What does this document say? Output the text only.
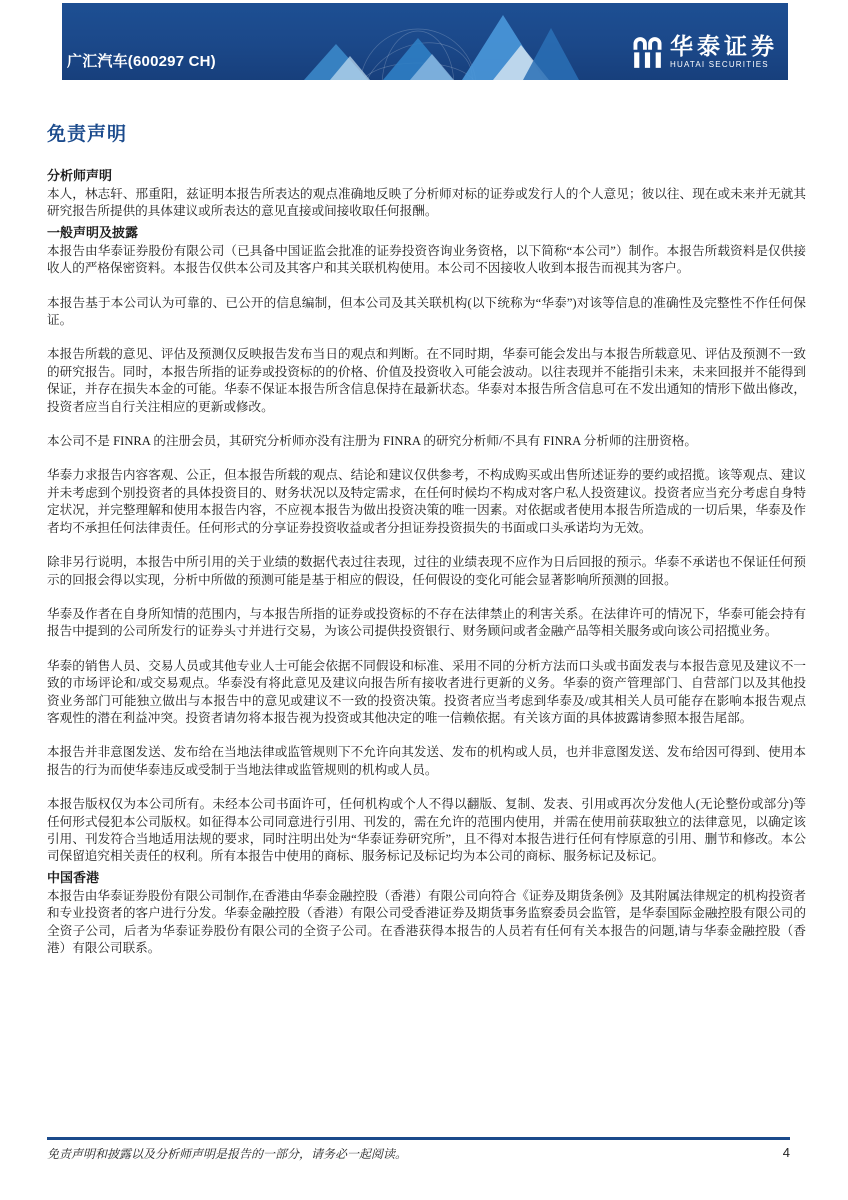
广汇汽车(600297 CH)
华泰证券
HUATAI SECURITIES
免责声明
分析师声明

本人，林志轩、邢重阳，兹证明本报告所表达的观点准确地反映了分析师对标的证券或发行人的个人意见；彼以往、现在或未来并无就其研究报告所提供的具体建议或所表达的意见直接或间接收取任何报酬。

一般声明及披露

本报告由华泰证券股份有限公司（已具备中国证监会批准的证券投资咨询业务资格，以下简称“本公司”）制作。本报告所载资料是仅供接收人的严格保密资料。本报告仅供本公司及其客户和其关联机构使用。本公司不因接收人收到本报告而视其为客户。

本报告基于本公司认为可靠的、已公开的信息编制，但本公司及其关联机构(以下统称为“华泰”)对该等信息的准确性及完整性不作任何保证。

本报告所载的意见、评估及预测仅反映报告发布当日的观点和判断。在不同时期，华泰可能会发出与本报告所载意见、评估及预测不一致的研究报告。同时，本报告所指的证券或投资标的的价格、价值及投资收入可能会波动。以往表现并不能指引未来，未来回报并不能得到保证，并存在损失本金的可能。华泰不保证本报告所含信息保持在最新状态。华泰对本报告所含信息可在不发出通知的情形下做出修改，投资者应当自行关注相应的更新或修改。

本公司不是 FINRA 的注册会员，其研究分析师亦没有注册为 FINRA 的研究分析师/不具有 FINRA 分析师的注册资格。

华泰力求报告内容客观、公正，但本报告所载的观点、结论和建议仅供参考，不构成购买或出售所述证券的要约或招揽。该等观点、建议并未考虑到个别投资者的具体投资目的、财务状况以及特定需求，在任何时候均不构成对客户私人投资建议。投资者应当充分考虑自身特定状况，并完整理解和使用本报告内容，不应视本报告为做出投资决策的唯一因素。对依据或者使用本报告所造成的一切后果，华泰及作者均不承担任何法律责任。任何形式的分享证券投资收益或者分担证券投资损失的书面或口头承诺均为无效。

除非另行说明，本报告中所引用的关于业绩的数据代表过往表现，过往的业绩表现不应作为日后回报的预示。华泰不承诺也不保证任何预示的回报会得以实现，分析中所做的预测可能是基于相应的假设，任何假设的变化可能会显著影响所预测的回报。

华泰及作者在自身所知情的范围内，与本报告所指的证券或投资标的不存在法律禁止的利害关系。在法律许可的情况下，华泰可能会持有报告中提到的公司所发行的证券头寸并进行交易，为该公司提供投资银行、财务顾问或者金融产品等相关服务或向该公司招揽业务。

华泰的销售人员、交易人员或其他专业人士可能会依据不同假设和标准、采用不同的分析方法而口头或书面发表与本报告意见及建议不一致的市场评论和/或交易观点。华泰没有将此意见及建议向报告所有接收者进行更新的义务。华泰的资产管理部门、自营部门以及其他投资业务部门可能独立做出与本报告中的意见或建议不一致的投资决策。投资者应当考虑到华泰及/或其相关人员可能存在影响本报告观点客观性的潜在利益冲突。投资者请勿将本报告视为投资或其他决定的唯一信赖依据。有关该方面的具体披露请参照本报告尾部。

本报告并非意图发送、发布给在当地法律或监管规则下不允许向其发送、发布的机构或人员，也并非意图发送、发布给因可得到、使用本报告的行为而使华泰违反或受制于当地法律或监管规则的机构或人员。

本报告版权仅为本公司所有。未经本公司书面许可，任何机构或个人不得以翻版、复制、发表、引用或再次分发他人(无论整份或部分)等任何形式侵犯本公司版权。如征得本公司同意进行引用、刊发的，需在允许的范围内使用，并需在使用前获取独立的法律意见，以确定该引用、刊发符合当地适用法规的要求，同时注明出处为“华泰证券研究所”，且不得对本报告进行任何有悖原意的引用、删节和修改。本公司保留追究相关责任的权利。所有本报告中使用的商标、服务标记及标记均为本公司的商标、服务标记及标记。

中国香港

本报告由华泰证券股份有限公司制作,在香港由华泰金融控股（香港）有限公司向符合《证券及期货条例》及其附属法律规定的机构投资者和专业投资者的客户进行分发。华泰金融控股（香港）有限公司受香港证券及期货事务监察委员会监管，是华泰国际金融控股有限公司的全资子公司，后者为华泰证券股份有限公司的全资子公司。在香港获得本报告的人员若有任何有关本报告的问题,请与华泰金融控股（香港）有限公司联系。

免责声明和披露以及分析师声明是报告的一部分，请务必一起阅读。	4
